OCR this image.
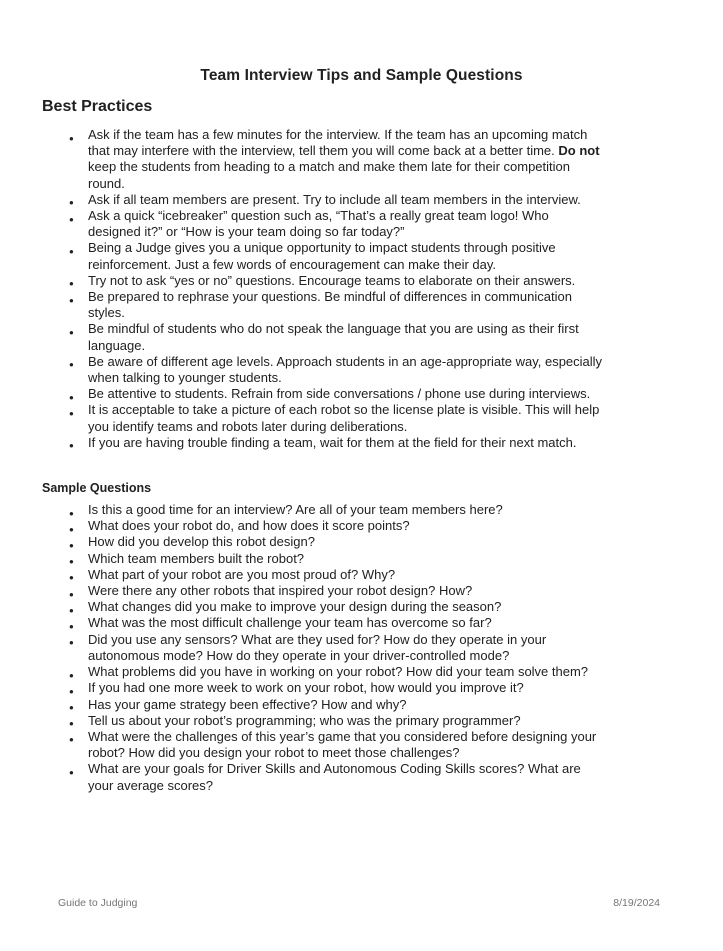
Team Interview Tips and Sample Questions
Best Practices
● Ask if the team has a few minutes for the interview. If the team has an upcoming match
that may interfere with the interview, tell them you will come back at a better time. Do not
keep the students from heading to a match and make them late for their competition
round.
● Ask if all team members are present. Try to include all team members in the interview.
● Ask a quick “icebreaker” question such as, “That’s a really great team logo! Who
designed it?” or “How is your team doing so far today?”
● Being a Judge gives you a unique opportunity to impact students through positive
reinforcement. Just a few words of encouragement can make their day.
● Try not to ask “yes or no” questions. Encourage teams to elaborate on their answers.
● Be prepared to rephrase your questions. Be mindful of differences in communication
styles.
● Be mindful of students who do not speak the language that you are using as their first
language.
● Be aware of different age levels. Approach students in an age-appropriate way, especially
when talking to younger students.
● Be attentive to students. Refrain from side conversations / phone use during interviews.
● It is acceptable to take a picture of each robot so the license plate is visible. This will help
you identify teams and robots later during deliberations.
● If you are having trouble finding a team, wait for them at the field for their next match.
Sample Questions
● Is this a good time for an interview? Are all of your team members here?
● What does your robot do, and how does it score points?
● How did you develop this robot design?
● Which team members built the robot?
● What part of your robot are you most proud of? Why?
● Were there any other robots that inspired your robot design? How?
● What changes did you make to improve your design during the season?
● What was the most difficult challenge your team has overcome so far?
● Did you use any sensors? What are they used for? How do they operate in your
autonomous mode? How do they operate in your driver-controlled mode?
● What problems did you have in working on your robot? How did your team solve them?
● If you had one more week to work on your robot, how would you improve it?
● Has your game strategy been effective? How and why?
● Tell us about your robot’s programming; who was the primary programmer?
● What were the challenges of this year’s game that you considered before designing your
robot? How did you design your robot to meet those challenges?
● What are your goals for Driver Skills and Autonomous Coding Skills scores? What are
your average scores?
Guide to Judging	8/19/2024
